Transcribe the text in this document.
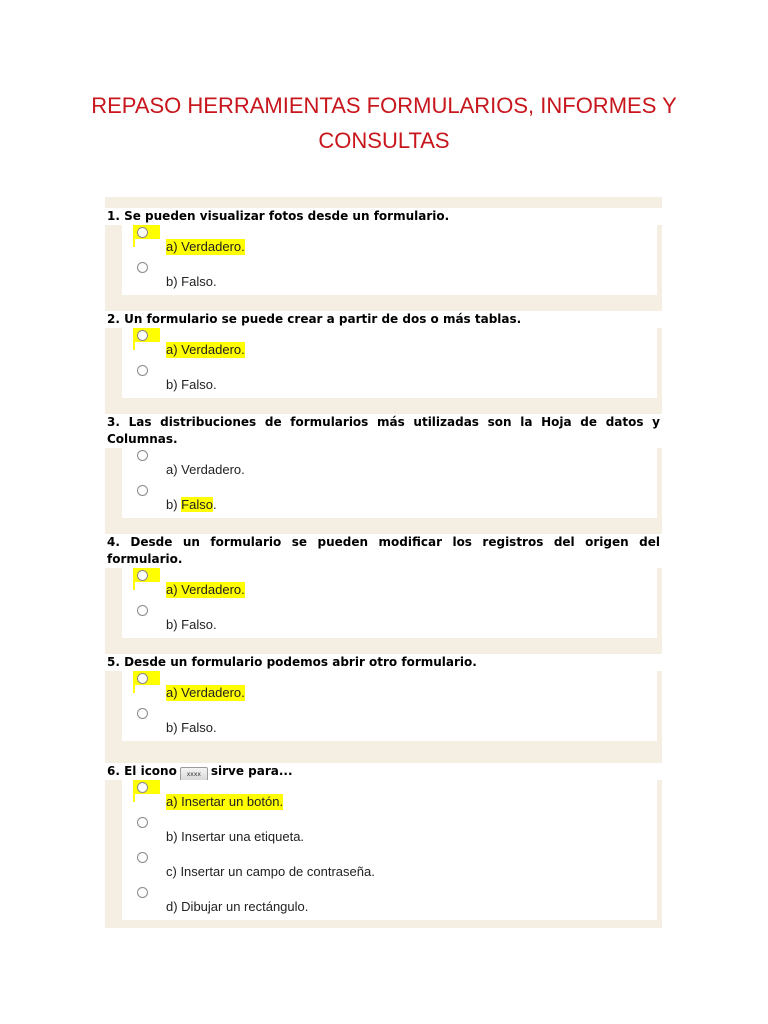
REPASO HERRAMIENTAS FORMULARIOS, INFORMES Y
CONSULTAS
1. Se pueden visualizar fotos desde un formulario.
a) Verdadero.
b) Falso.
2. Un formulario se puede crear a partir de dos o más tablas.
a) Verdadero.
b) Falso.
3. Las distribuciones de formularios más utilizadas son la Hoja de datos y Columnas.
a) Verdadero.
b) Falso.
4. Desde un formulario se pueden modificar los registros del origen del formulario.
a) Verdadero.
b) Falso.
5. Desde un formulario podemos abrir otro formulario.
a) Verdadero.
b) Falso.
6. El icono xxxx sirve para...
a) Insertar un botón.
b) Insertar una etiqueta.
c) Insertar un campo de contraseña.
d) Dibujar un rectángulo.
